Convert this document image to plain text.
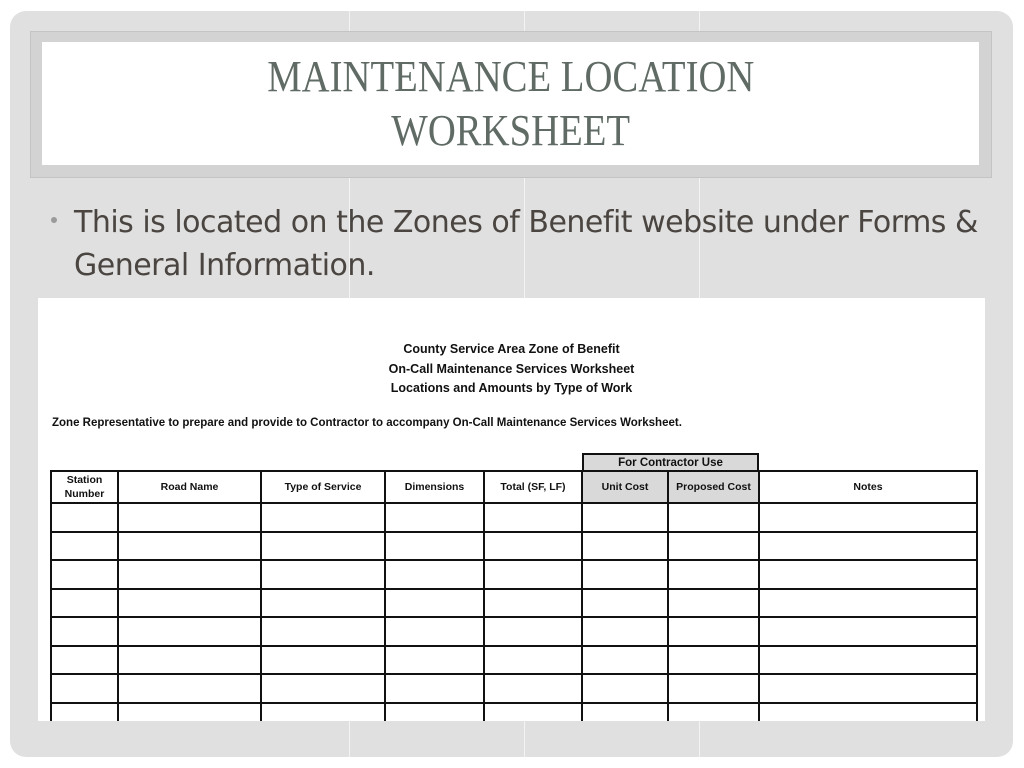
MAINTENANCE LOCATION
WORKSHEET
This is located on the Zones of Benefit website under Forms & General Information.
County Service Area Zone of Benefit
On-Call Maintenance Services Worksheet
Locations and Amounts by Type of Work
Zone Representative to prepare and provide to Contractor to accompany On-Call Maintenance Services Worksheet.
For Contractor Use
Station Number	Road Name	Type of Service	Dimensions	Total (SF, LF)	Unit Cost	Proposed Cost	Notes
